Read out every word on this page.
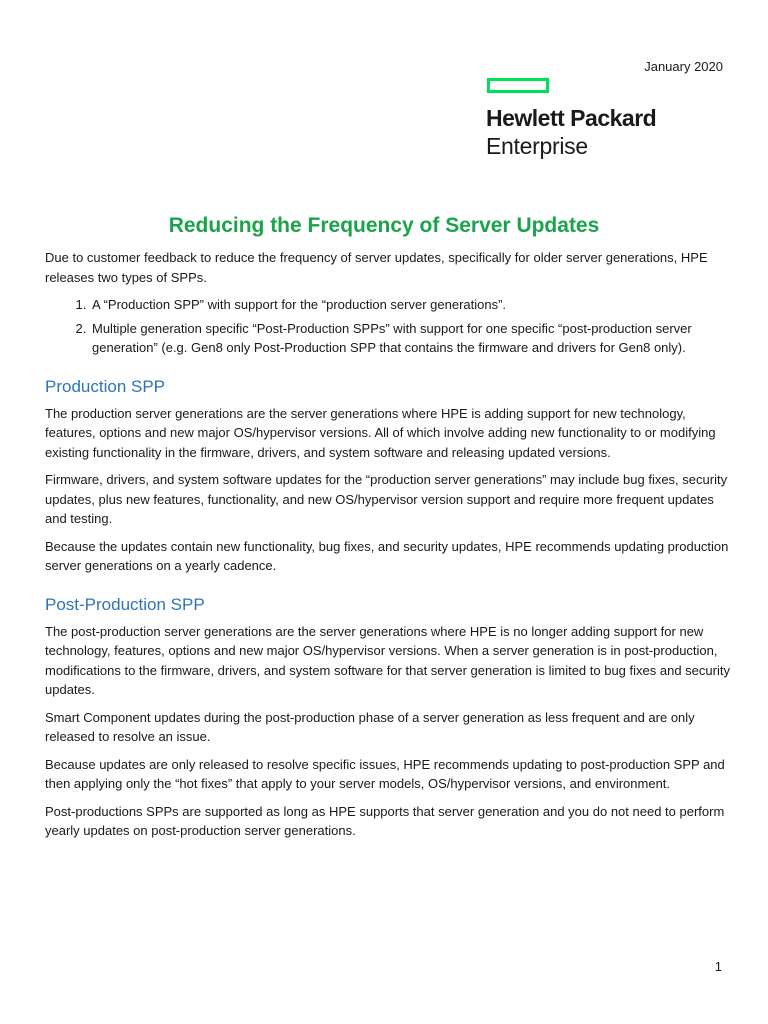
January 2020
Hewlett Packard
Enterprise
Reducing the Frequency of Server Updates

Due to customer feedback to reduce the frequency of server updates, specifically for older server generations, HPE releases two types of SPPs.

1. A “Production SPP” with support for the “production server generations”.
2. Multiple generation specific “Post-Production SPPs” with support for one specific “post-production server generation” (e.g. Gen8 only Post-Production SPP that contains the firmware and drivers for Gen8 only).
Production SPP

The production server generations are the server generations where HPE is adding support for new technology, features, options and new major OS/hypervisor versions. All of which involve adding new functionality to or modifying existing functionality in the firmware, drivers, and system software and releasing updated versions.

Firmware, drivers, and system software updates for the “production server generations” may include bug fixes, security updates, plus new features, functionality, and new OS/hypervisor version support and require more frequent updates and testing.

Because the updates contain new functionality, bug fixes, and security updates, HPE recommends updating production server generations on a yearly cadence.

Post-Production SPP

The post-production server generations are the server generations where HPE is no longer adding support for new technology, features, options and new major OS/hypervisor versions. When a server generation is in post-production, modifications to the firmware, drivers, and system software for that server generation is limited to bug fixes and security updates.

Smart Component updates during the post-production phase of a server generation as less frequent and are only released to resolve an issue.

Because updates are only released to resolve specific issues, HPE recommends updating to post-production SPP and then applying only the “hot fixes” that apply to your server models, OS/hypervisor versions, and environment.

Post-productions SPPs are supported as long as HPE supports that server generation and you do not need to perform yearly updates on post-production server generations.

1
